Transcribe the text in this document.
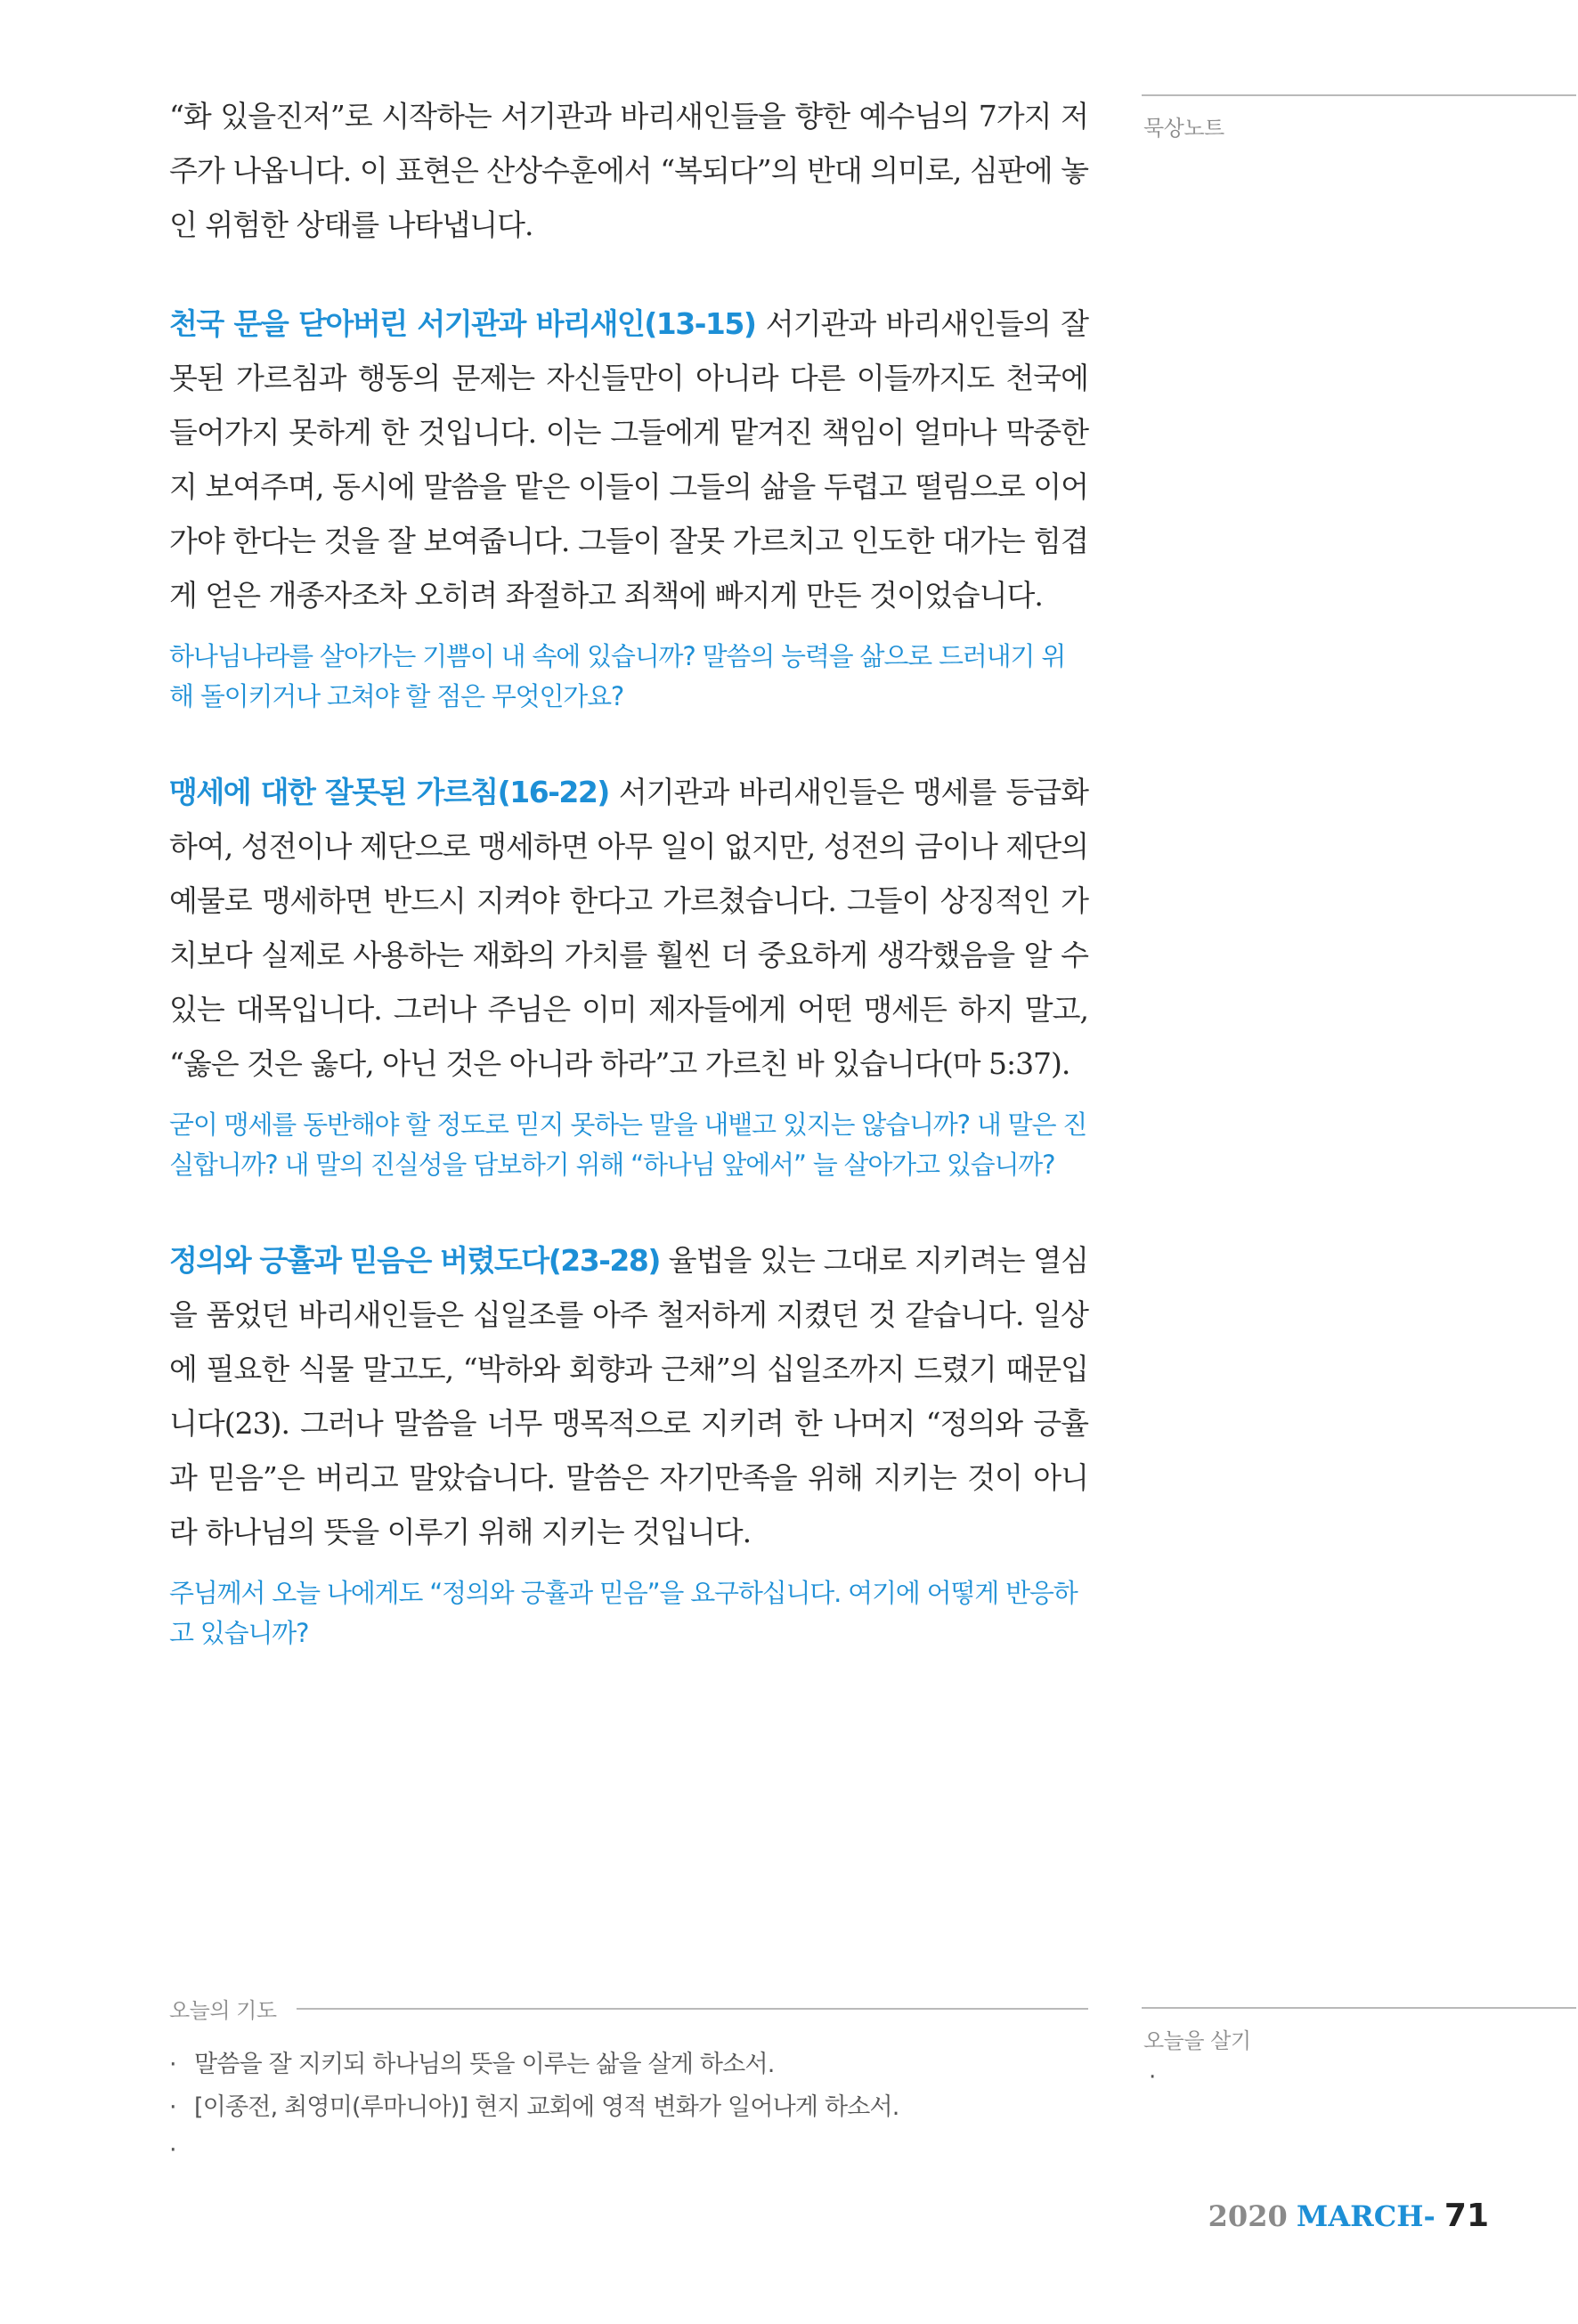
“화 있을진저”로 시작하는 서기관과 바리새인들을 향한 예수님의 7가지 저주가 나옵니다. 이 표현은 산상수훈에서 “복되다”의 반대 의미로, 심판에 놓인 위험한 상태를 나타냅니다.

천국 문을 닫아버린 서기관과 바리새인(13-15) 서기관과 바리새인들의 잘못된 가르침과 행동의 문제는 자신들만이 아니라 다른 이들까지도 천국에 들어가지 못하게 한 것입니다. 이는 그들에게 맡겨진 책임이 얼마나 막중한지 보여주며, 동시에 말씀을 맡은 이들이 그들의 삶을 두렵고 떨림으로 이어가야 한다는 것을 잘 보여줍니다. 그들이 잘못 가르치고 인도한 대가는 힘겹게 얻은 개종자조차 오히려 좌절하고 죄책에 빠지게 만든 것이었습니다.

하나님나라를 살아가는 기쁨이 내 속에 있습니까? 말씀의 능력을 삶으로 드러내기 위해 돌이키거나 고쳐야 할 점은 무엇인가요?

맹세에 대한 잘못된 가르침(16-22) 서기관과 바리새인들은 맹세를 등급화하여, 성전이나 제단으로 맹세하면 아무 일이 없지만, 성전의 금이나 제단의 예물로 맹세하면 반드시 지켜야 한다고 가르쳤습니다. 그들이 상징적인 가치보다 실제로 사용하는 재화의 가치를 훨씬 더 중요하게 생각했음을 알 수 있는 대목입니다. 그러나 주님은 이미 제자들에게 어떤 맹세든 하지 말고, “옳은 것은 옳다, 아닌 것은 아니라 하라”고 가르친 바 있습니다(마 5:37).

굳이 맹세를 동반해야 할 정도로 믿지 못하는 말을 내뱉고 있지는 않습니까? 내 말은 진실합니까? 내 말의 진실성을 담보하기 위해 “하나님 앞에서” 늘 살아가고 있습니까?

정의와 긍휼과 믿음은 버렸도다(23-28) 율법을 있는 그대로 지키려는 열심을 품었던 바리새인들은 십일조를 아주 철저하게 지켰던 것 같습니다. 일상에 필요한 식물 말고도, “박하와 회향과 근채”의 십일조까지 드렸기 때문입니다(23). 그러나 말씀을 너무 맹목적으로 지키려 한 나머지 “정의와 긍휼과 믿음”은 버리고 말았습니다. 말씀은 자기만족을 위해 지키는 것이 아니라 하나님의 뜻을 이루기 위해 지키는 것입니다.

주님께서 오늘 나에게도 “정의와 긍휼과 믿음”을 요구하십니다. 여기에 어떻게 반응하고 있습니까?

묵상노트
오늘을 살기
·
오늘의 기도
· 말씀을 잘 지키되 하나님의 뜻을 이루는 삶을 살게 하소서.
· [이종전, 최영미(루마니아)] 현지 교회에 영적 변화가 일어나게 하소서.
·
2020 MARCH- 71
